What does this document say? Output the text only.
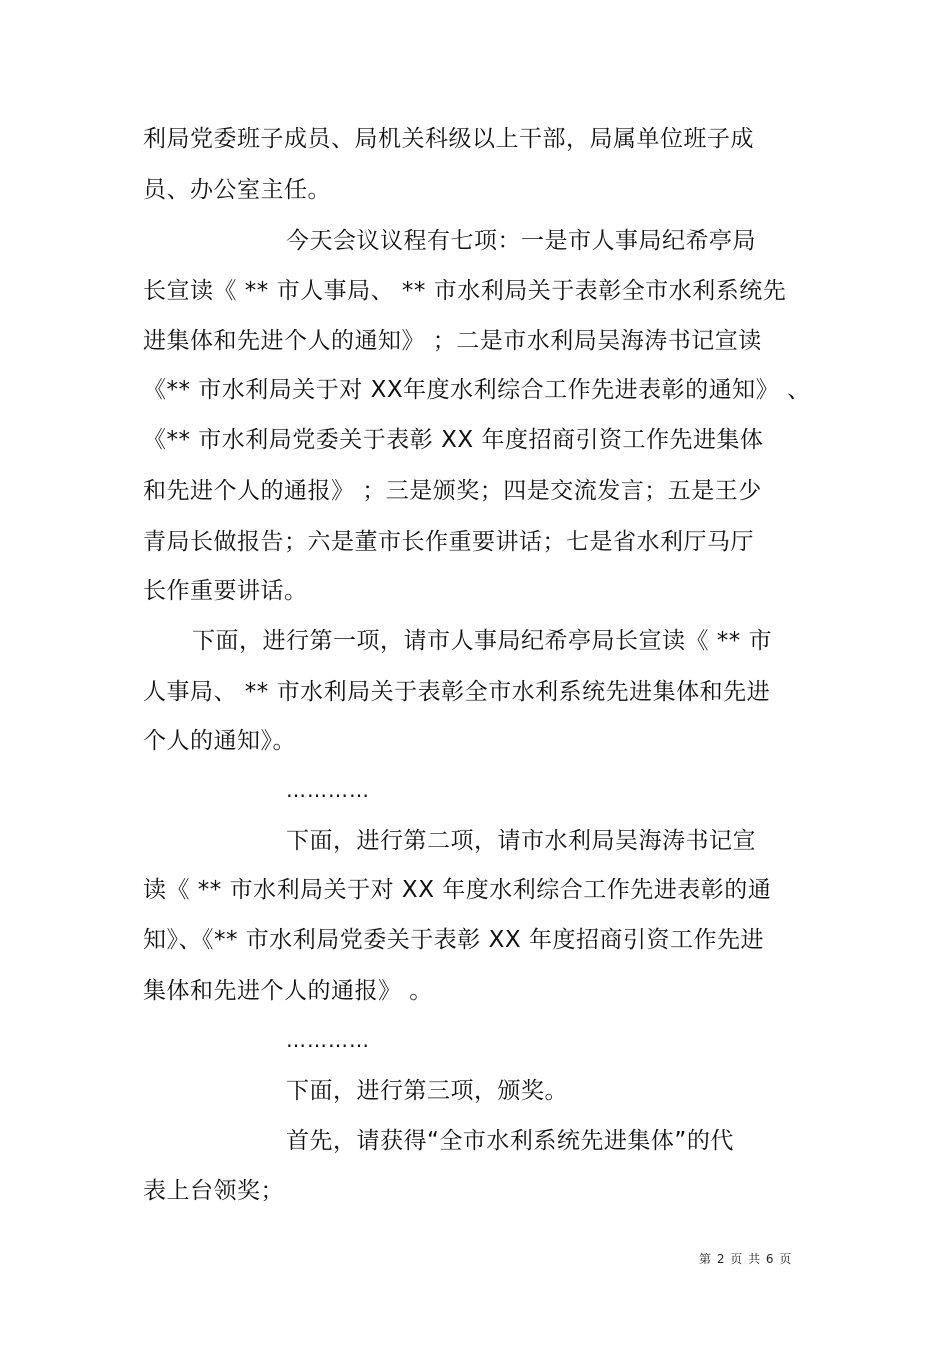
利局党委班子成员、局机关科级以上干部，局属单位班子成
员、办公室主任。
今天会议议程有七项：一是市人事局纪希亭局
长宣读《 ** 市人事局、 ** 市水利局关于表彰全市水利系统先
进集体和先进个人的通知》 ；二是市水利局吴海涛书记宣读
《** 市水利局关于对 XX年度水利综合工作先进表彰的通知》 、
《** 市水利局党委关于表彰 XX 年度招商引资工作先进集体
和先进个人的通报》 ；三是颁奖；四是交流发言；五是王少
青局长做报告；六是董市长作重要讲话；七是省水利厅马厅
长作重要讲话。
下面，进行第一项，请市人事局纪希亭局长宣读《 ** 市
人事局、 ** 市水利局关于表彰全市水利系统先进集体和先进
个人的通知》。
…………
下面，进行第二项，请市水利局吴海涛书记宣
读《 ** 市水利局关于对 XX 年度水利综合工作先进表彰的通
知》、《** 市水利局党委关于表彰 XX 年度招商引资工作先进
集体和先进个人的通报》 。
…………
下面，进行第三项，颁奖。
首先，请获得“全市水利系统先进集体”的代
表上台领奖；
第 2 页 共 6 页
